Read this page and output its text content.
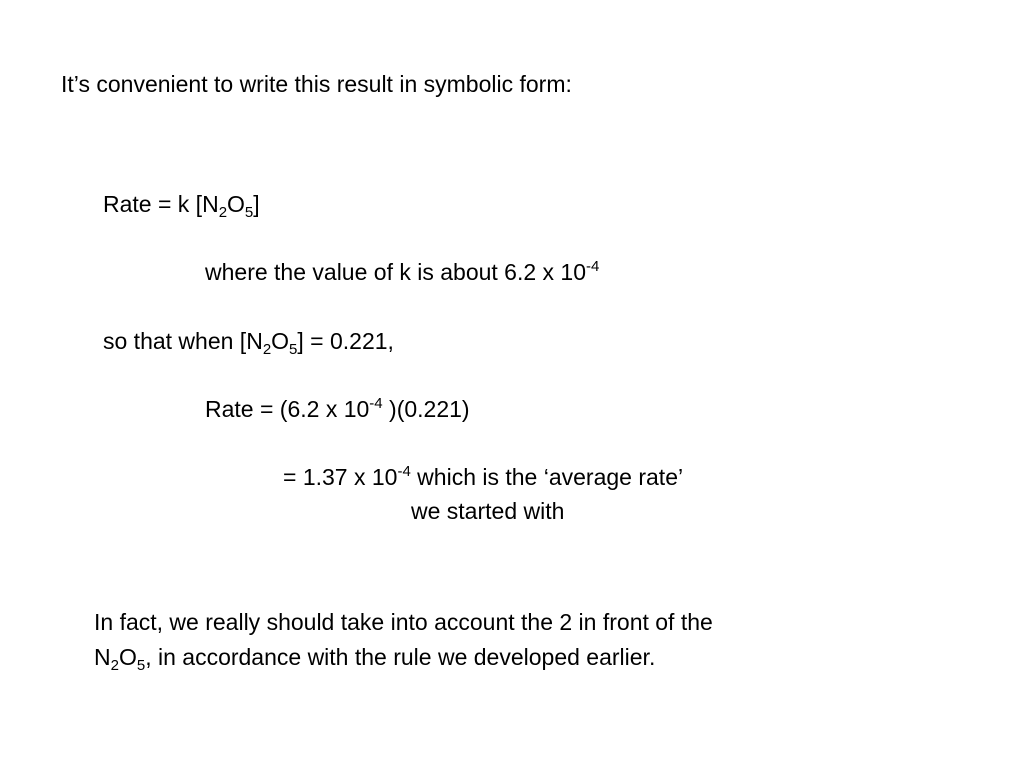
It’s convenient to write this result in symbolic form:
Rate = k $[N_2O_5]$
where the value of k is about 6.2 x $10^{-4}$
so that when $[N_2O_5] = 0.221$,
Rate = (6.2 x $10^{-4}$ )(0.221)
= 1.37 x $10^{-4}$ which is the ‘average rate’
we started with
In fact, we really should take into account the 2 in front of the
$N_2O_5$, in accordance with the rule we developed earlier.
